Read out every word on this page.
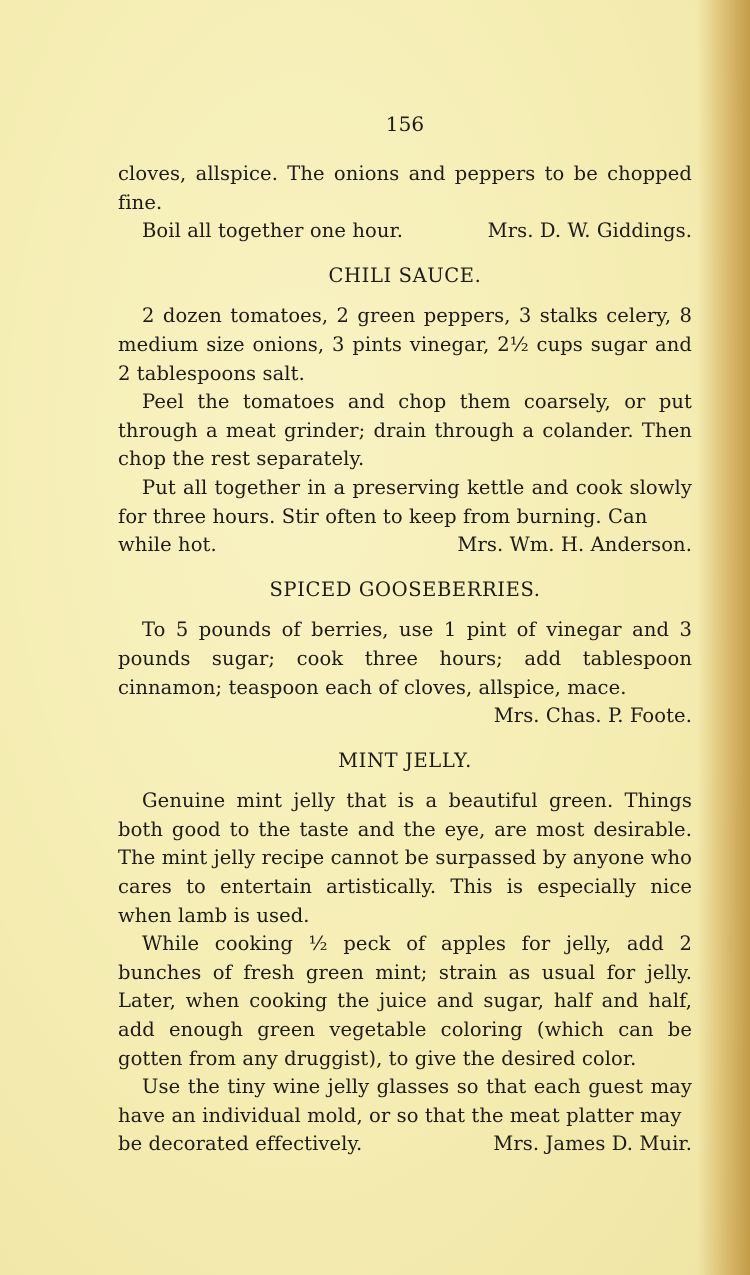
156

cloves, allspice. The onions and peppers to be chopped fine.

Boil all together one hour.	Mrs. D. W. Giddings.
CHILI SAUCE.

2 dozen tomatoes, 2 green peppers, 3 stalks celery, 8 medium size onions, 3 pints vinegar, 2½ cups sugar and 2 tablespoons salt.

Peel the tomatoes and chop them coarsely, or put through a meat grinder; drain through a colander. Then chop the rest separately.

Put all together in a preserving kettle and cook slowly for three hours. Stir often to keep from burning. Can

while hot.	Mrs. Wm. H. Anderson.
SPICED GOOSEBERRIES.

To 5 pounds of berries, use 1 pint of vinegar and 3 pounds sugar; cook three hours; add tablespoon cinnamon; teaspoon each of cloves, allspice, mace.

Mrs. Chas. P. Foote.
MINT JELLY.

Genuine mint jelly that is a beautiful green. Things both good to the taste and the eye, are most desirable. The mint jelly recipe cannot be surpassed by anyone who cares to entertain artistically. This is especially nice when lamb is used.

While cooking ½ peck of apples for jelly, add 2 bunches of fresh green mint; strain as usual for jelly. Later, when cooking the juice and sugar, half and half, add enough green vegetable coloring (which can be gotten from any druggist), to give the desired color.

Use the tiny wine jelly glasses so that each guest may have an individual mold, or so that the meat platter may

be decorated effectively.	Mrs. James D. Muir.
